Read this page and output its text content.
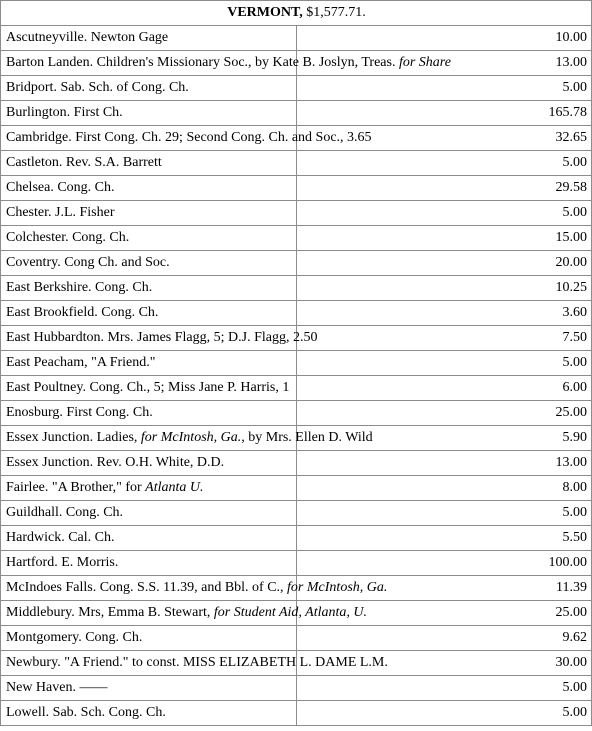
VERMONT, $1,577.71.	
Ascutneyville. Newton Gage	10.00
Barton Landen. Children's Missionary Soc., by Kate B. Joslyn, Treas. for Share	13.00
Bridport. Sab. Sch. of Cong. Ch.	5.00
Burlington. First Ch.	165.78
Cambridge. First Cong. Ch. 29; Second Cong. Ch. and Soc., 3.65	32.65
Castleton. Rev. S.A. Barrett	5.00
Chelsea. Cong. Ch.	29.58
Chester. J.L. Fisher	5.00
Colchester. Cong. Ch.	15.00
Coventry. Cong Ch. and Soc.	20.00
East Berkshire. Cong. Ch.	10.25
East Brookfield. Cong. Ch.	3.60
East Hubbardton. Mrs. James Flagg, 5; D.J. Flagg, 2.50	7.50
East Peacham, "A Friend."	5.00
East Poultney. Cong. Ch., 5; Miss Jane P. Harris, 1	6.00
Enosburg. First Cong. Ch.	25.00
Essex Junction. Ladies, for McIntosh, Ga., by Mrs. Ellen D. Wild	5.90
Essex Junction. Rev. O.H. White, D.D.	13.00
Fairlee. "A Brother," for Atlanta U.	8.00
Guildhall. Cong. Ch.	5.00
Hardwick. Cal. Ch.	5.50
Hartford. E. Morris.	100.00
McIndoes Falls. Cong. S.S. 11.39, and Bbl. of C., for McIntosh, Ga.	11.39
Middlebury. Mrs, Emma B. Stewart, for Student Aid, Atlanta, U.	25.00
Montgomery. Cong. Ch.	9.62
Newbury. "A Friend." to const. MISS ELIZABETH L. DAME L.M.	30.00
New Haven. ——	5.00
Lowell. Sab. Sch. Cong. Ch.	5.00
